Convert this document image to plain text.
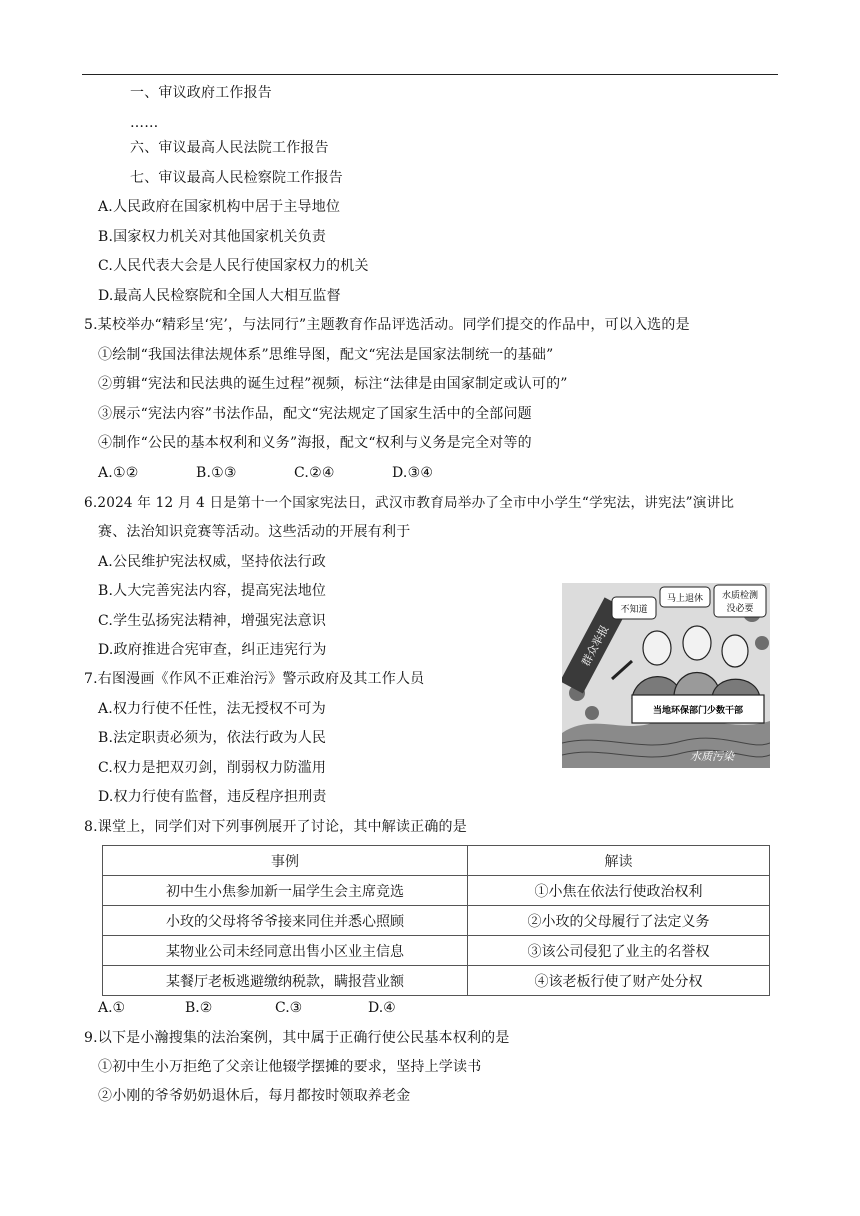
一、审议政府工作报告
……
六、审议最高人民法院工作报告
七、审议最高人民检察院工作报告
A.人民政府在国家机构中居于主导地位
B.国家权力机关对其他国家机关负责
C.人民代表大会是人民行使国家权力的机关
D.最高人民检察院和全国人大相互监督
5.某校举办“精彩呈‘宪’，与法同行”主题教育作品评选活动。同学们提交的作品中，可以入选的是
①绘制“我国法律法规体系”思维导图，配文“宪法是国家法制统一的基础”
②剪辑“宪法和民法典的诞生过程”视频，标注“法律是由国家制定或认可的”
③展示“宪法内容”书法作品，配文“宪法规定了国家生活中的全部问题
④制作“公民的基本权利和义务”海报，配文“权利与义务是完全对等的
A.①②	B.①③	C.②④	D.③④
6.2024 年 12 月 4 日是第十一个国家宪法日，武汉市教育局举办了全市中小学生“学宪法，讲宪法”演讲比
赛、法治知识竞赛等活动。这些活动的开展有利于
A.公民维护宪法权威，坚持依法行政
B.人大完善宪法内容，提高宪法地位
C.学生弘扬宪法精神，增强宪法意识
D.政府推进合宪审查，纠正违宪行为
7.右图漫画《作风不正难治污》警示政府及其工作人员
A.权力行使不任性，法无授权不可为
B.法定职责必须为，依法行政为人民
C.权力是把双刃剑，削弱权力防滥用
D.权力行使有监督，违反程序担刑责
群众举报
不知道
马上退休 水质检测
没必要
当地环保部门少数干部
水质污染
8.课堂上，同学们对下列事例展开了讨论，其中解读正确的是
事例	解读
初中生小焦参加新一届学生会主席竞选	①小焦在依法行使政治权利
小玫的父母将爷爷接来同住并悉心照顾	②小玫的父母履行了法定义务
某物业公司未经同意出售小区业主信息	③该公司侵犯了业主的名誉权
某餐厅老板逃避缴纳税款，瞒报营业额	④该老板行使了财产处分权
A.①	B.②	C.③	D.④
9.以下是小瀚搜集的法治案例，其中属于正确行使公民基本权利的是
①初中生小万拒绝了父亲让他辍学摆摊的要求，坚持上学读书
②小刚的爷爷奶奶退休后，每月都按时领取养老金
